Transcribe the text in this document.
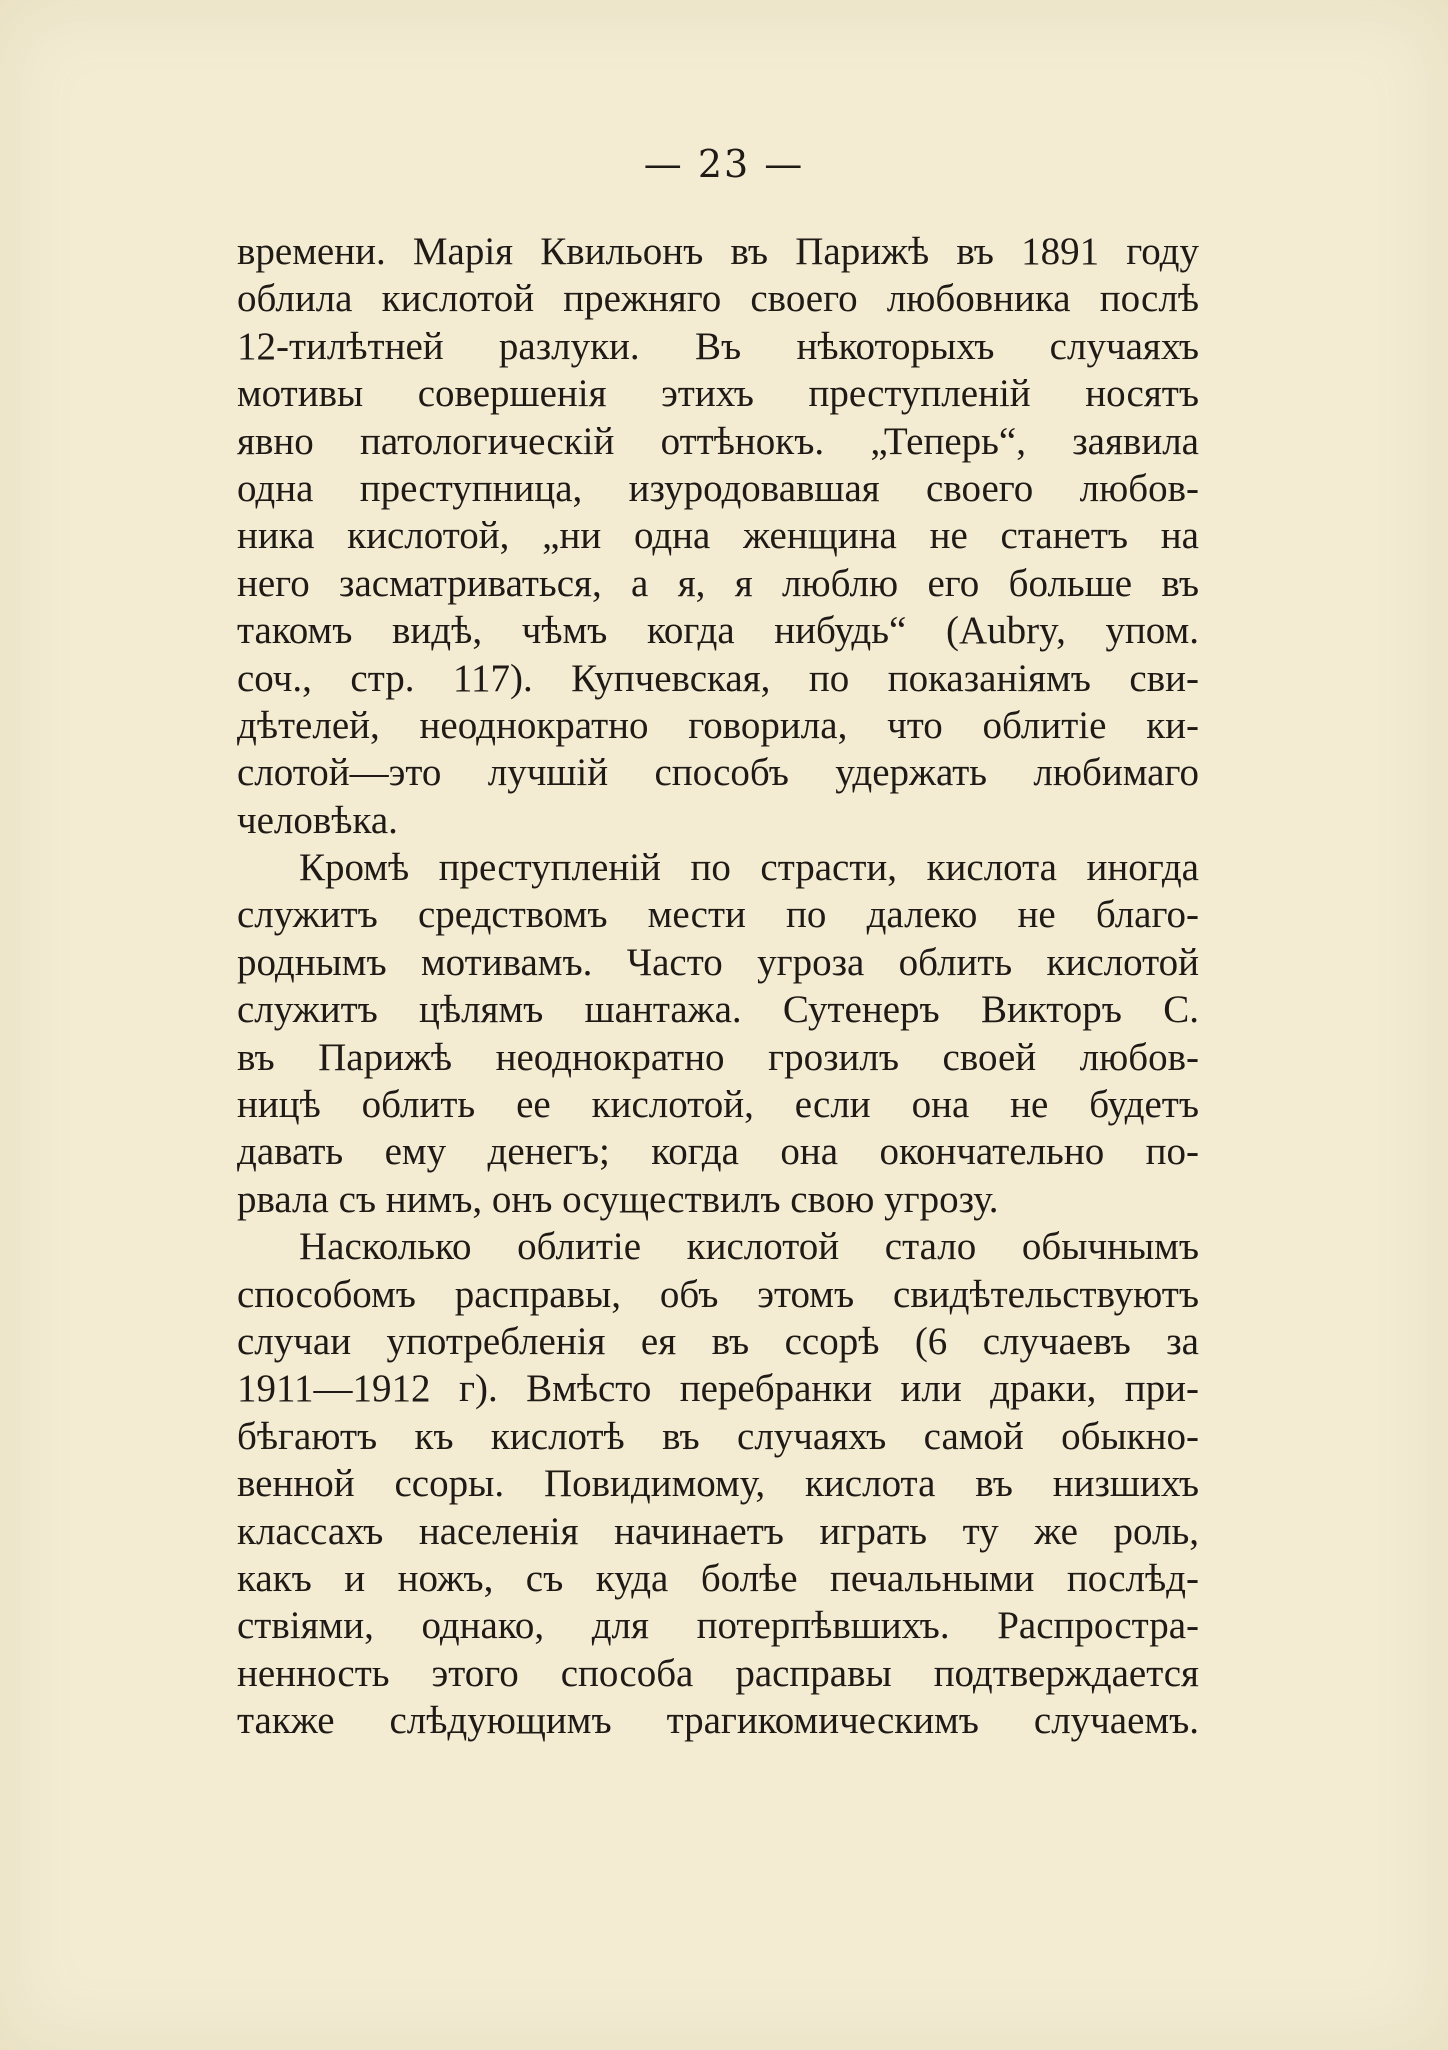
— 23 —
времени. Марія Квильонъ въ Парижѣ въ 1891 году
облила кислотой прежняго своего любовника послѣ
12-тилѣтней разлуки. Въ нѣкоторыхъ случаяхъ
мотивы совершенія этихъ преступленій носятъ
явно патологическій оттѣнокъ. „Теперь“, заявила
одна преступница, изуродовавшая своего любов-
ника кислотой, „ни одна женщина не станетъ на
него засматриваться, а я, я люблю его больше въ
такомъ видѣ, чѣмъ когда нибудь“ (Aubry, упом.
соч., стр. 117). Купчевская, по показаніямъ сви-
дѣтелей, неоднократно говорила, что облитіе ки-
слотой—это лучшій способъ удержать любимаго
человѣка.
Кромѣ преступленій по страсти, кислота иногда
служитъ средствомъ мести по далеко не благо-
роднымъ мотивамъ. Часто угроза облить кислотой
служитъ цѣлямъ шантажа. Сутенеръ Викторъ С.
въ Парижѣ неоднократно грозилъ своей любов-
ницѣ облить ее кислотой, если она не будетъ
давать ему денегъ; когда она окончательно по-
рвала съ нимъ, онъ осуществилъ свою угрозу.
Насколько облитіе кислотой стало обычнымъ
способомъ расправы, объ этомъ свидѣтельствуютъ
случаи употребленія ея въ ссорѣ (6 случаевъ за
1911—1912 г). Вмѣсто перебранки или драки, при-
бѣгаютъ къ кислотѣ въ случаяхъ самой обыкно-
венной ссоры. Повидимому, кислота въ низшихъ
классахъ населенія начинаетъ играть ту же роль,
какъ и ножъ, съ куда болѣе печальными послѣд-
ствіями, однако, для потерпѣвшихъ. Распростра-
ненность этого способа расправы подтверждается
также слѣдующимъ трагикомическимъ случаемъ.
